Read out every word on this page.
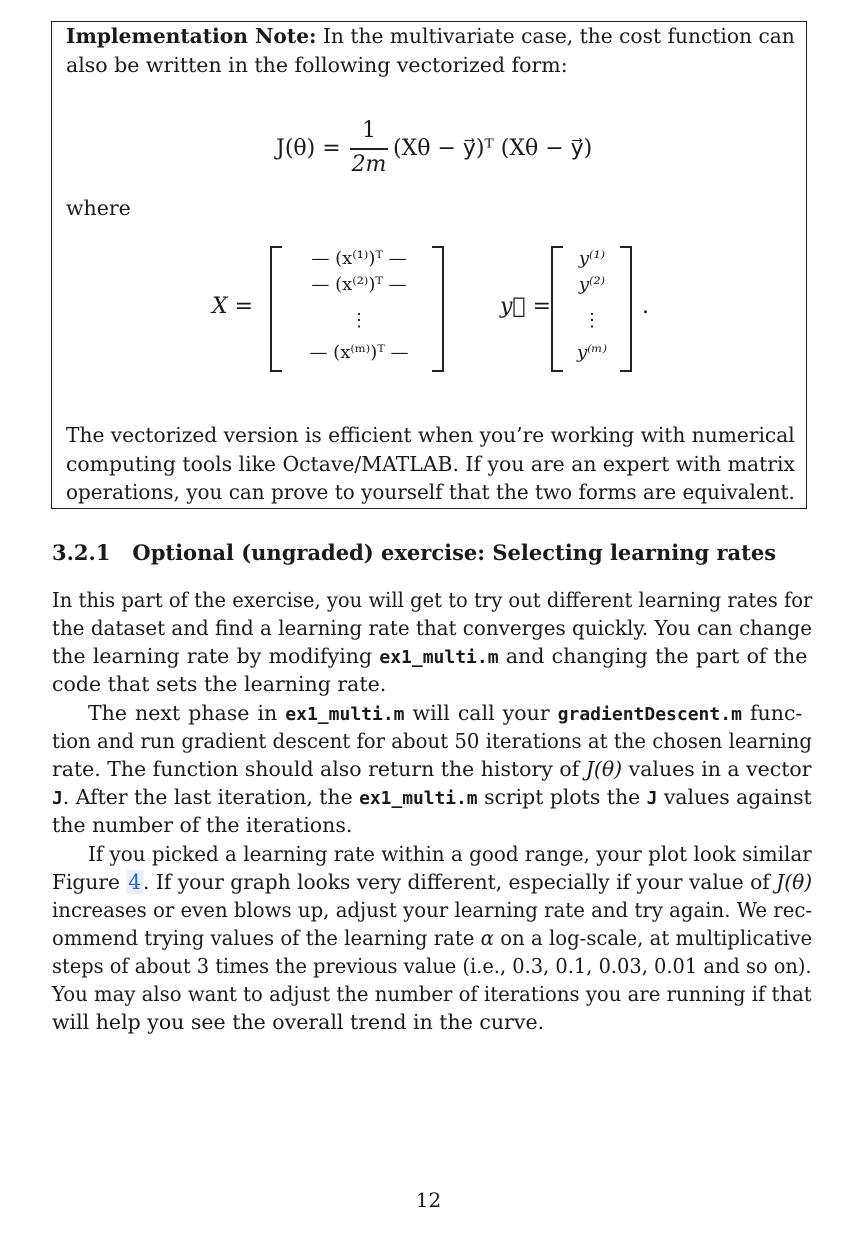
Implementation Note: In the multivariate case, the cost function can
also be written in the following vectorized form:
J(θ) =
1
2m
(Xθ − y⃗)ᵀ (Xθ − y⃗)
where
X =
— (x⁽¹⁾)ᵀ —
— (x⁽²⁾)ᵀ —
⋮
— (x⁽ᵐ⁾)ᵀ —
y⃗ =
y⁽¹⁾
y⁽²⁾
⋮
y⁽ᵐ⁾
.
The vectorized version is efficient when you’re working with numerical
computing tools like Octave/MATLAB. If you are an expert with matrix
operations, you can prove to yourself that the two forms are equivalent.
3.2.1 Optional (ungraded) exercise: Selecting learning rates
In this part of the exercise, you will get to try out different learning rates for
the dataset and find a learning rate that converges quickly. You can change
the learning rate by modifying ex1_multi.m and changing the part of the
code that sets the learning rate.
The next phase in ex1_multi.m will call your gradientDescent.m func-
tion and run gradient descent for about 50 iterations at the chosen learning
rate. The function should also return the history of J(θ) values in a vector
J. After the last iteration, the ex1_multi.m script plots the J values against
the number of the iterations.
If you picked a learning rate within a good range, your plot look similar
Figure 4. If your graph looks very different, especially if your value of J(θ)
increases or even blows up, adjust your learning rate and try again. We rec-
ommend trying values of the learning rate α on a log-scale, at multiplicative
steps of about 3 times the previous value (i.e., 0.3, 0.1, 0.03, 0.01 and so on).
You may also want to adjust the number of iterations you are running if that
will help you see the overall trend in the curve.
12
